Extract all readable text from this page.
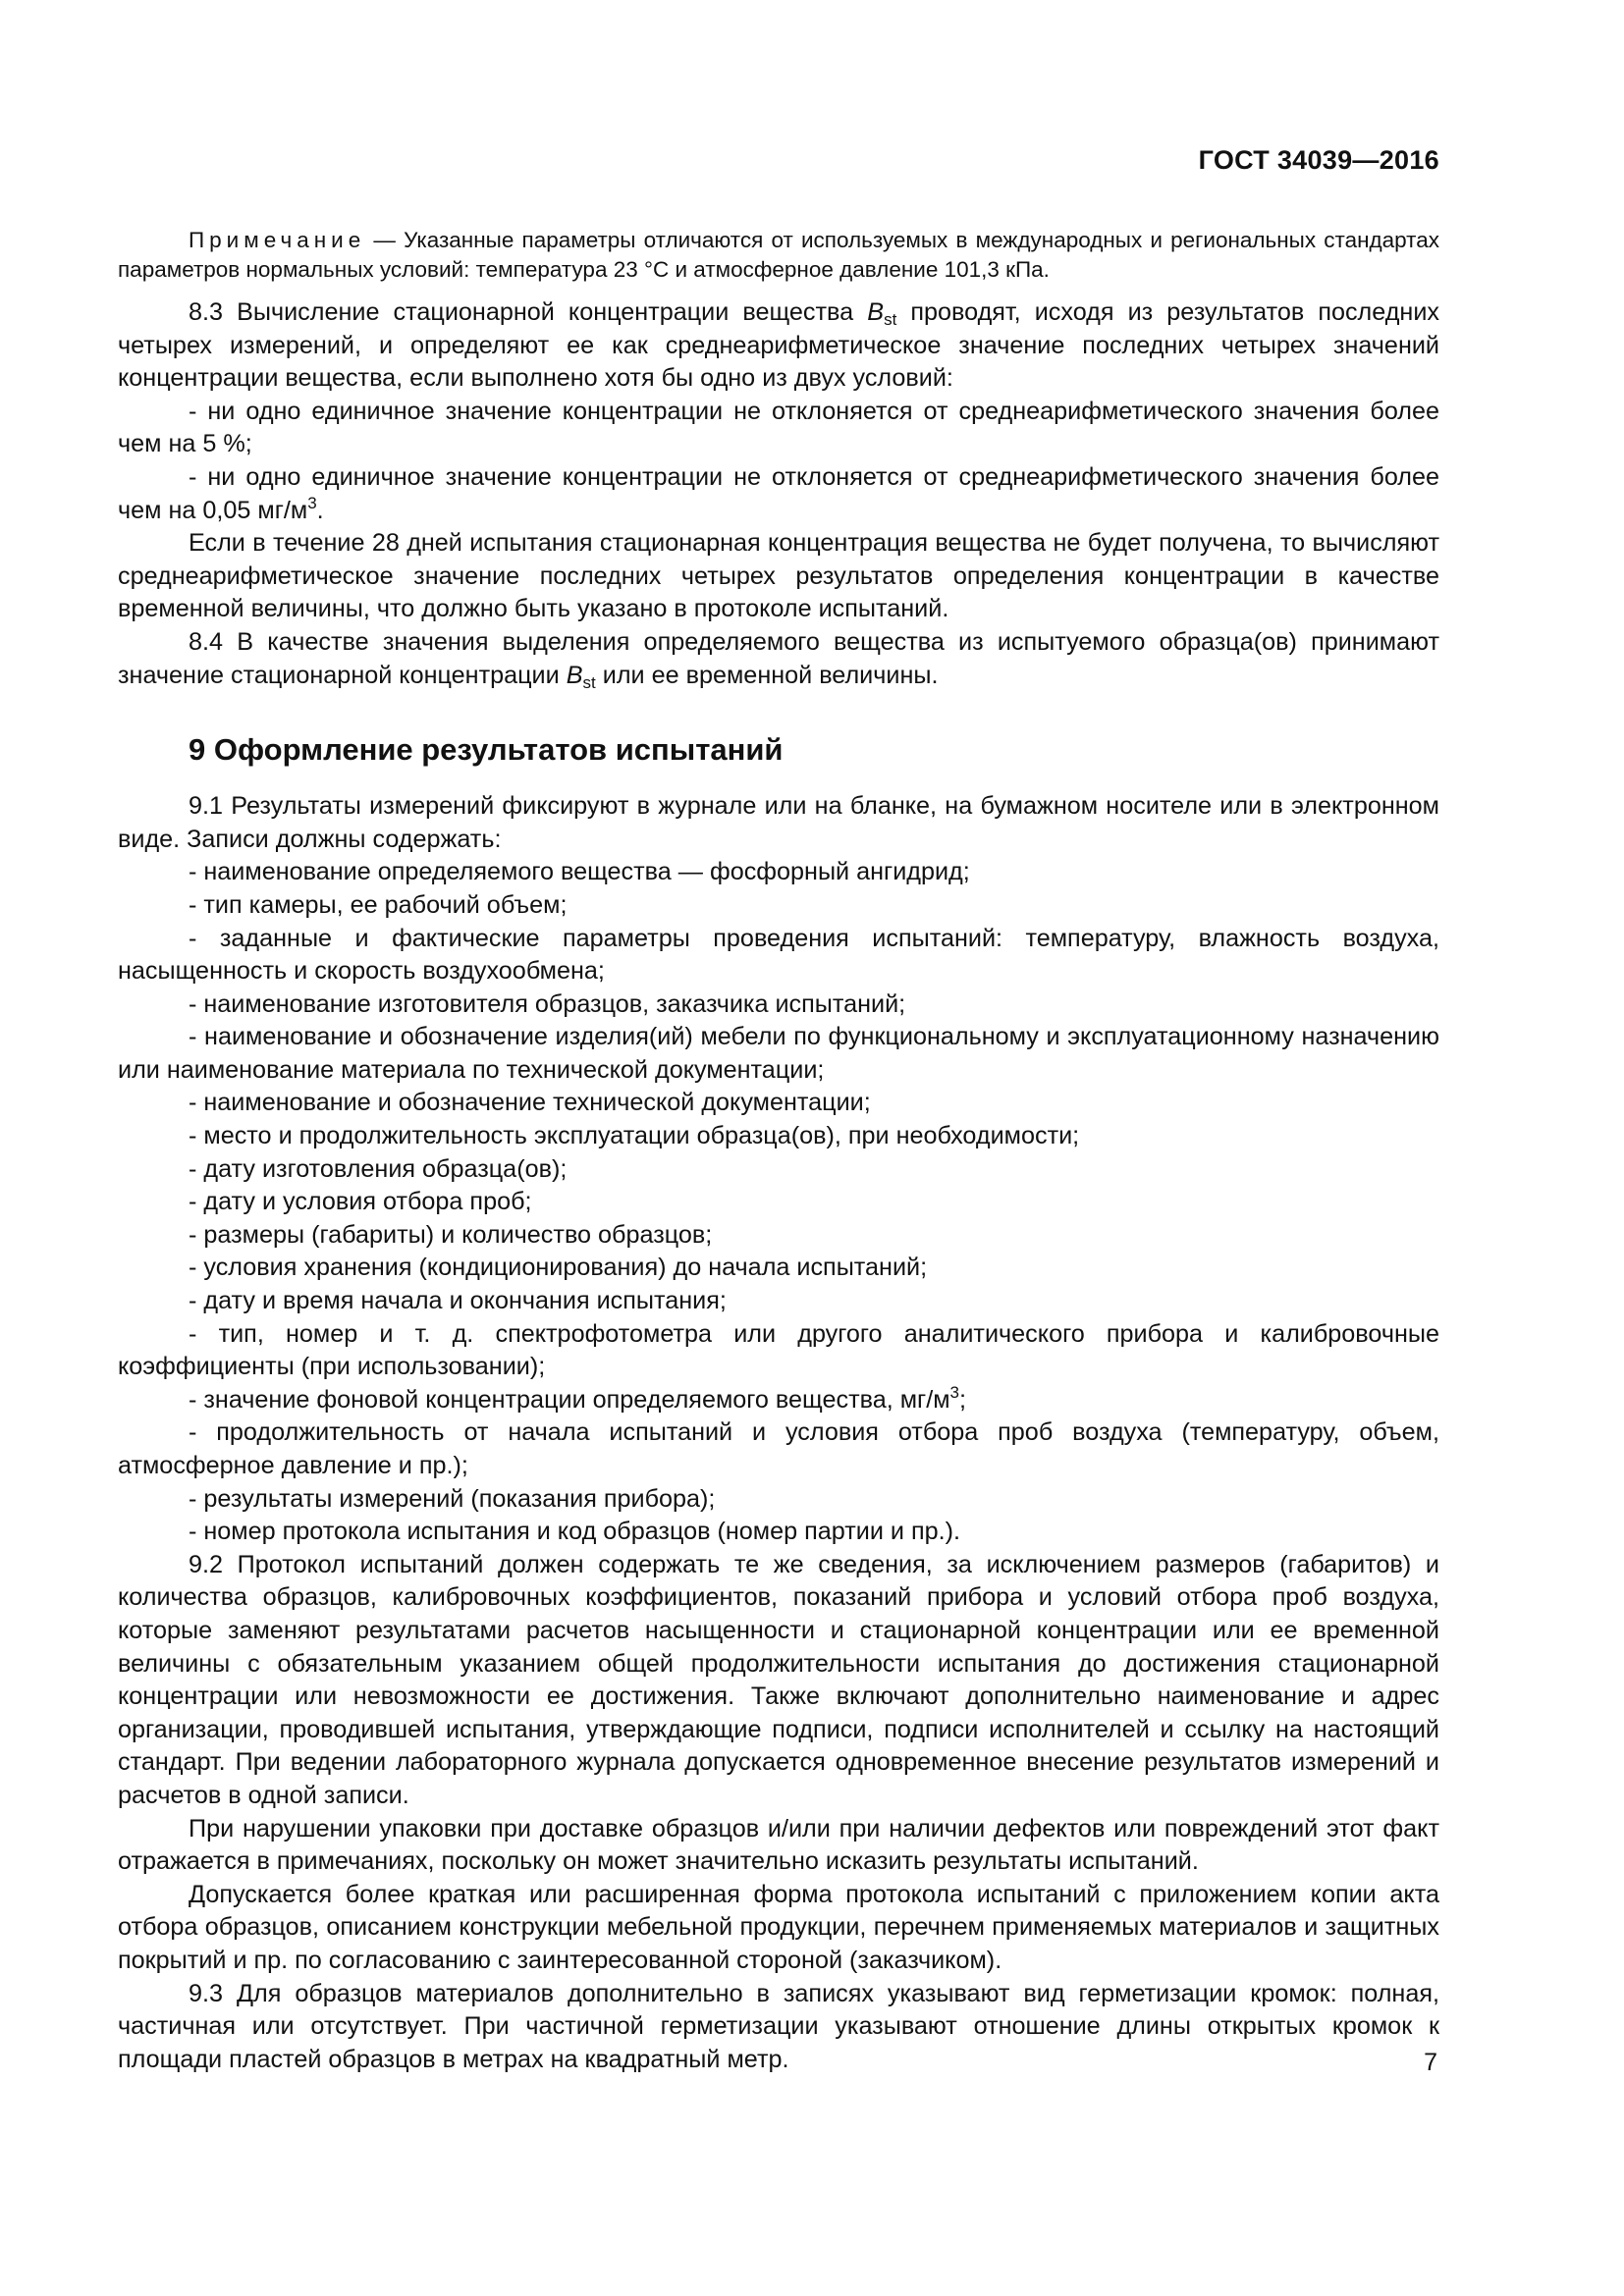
ГОСТ 34039—2016

Примечание — Указанные параметры отличаются от используемых в международных и региональных стандартах параметров нормальных условий: температура 23 °С и атмосферное давление 101,3 кПа.

8.3 Вычисление стационарной концентрации вещества $B_{st}$ проводят, исходя из результатов последних четырех измерений, и определяют ее как среднеарифметическое значение последних четырех значений концентрации вещества, если выполнено хотя бы одно из двух условий:

- ни одно единичное значение концентрации не отклоняется от среднеарифметического значения более чем на 5 %;

- ни одно единичное значение концентрации не отклоняется от среднеарифметического значения более чем на 0,05 $мг/м^3$.

Если в течение 28 дней испытания стационарная концентрация вещества не будет получена, то вычисляют среднеарифметическое значение последних четырех результатов определения концентрации в качестве временной величины, что должно быть указано в протоколе испытаний.

8.4 В качестве значения выделения определяемого вещества из испытуемого образца(ов) принимают значение стационарной концентрации $B_{st}$ или ее временной величины.

9 Оформление результатов испытаний

9.1 Результаты измерений фиксируют в журнале или на бланке, на бумажном носителе или в электронном виде. Записи должны содержать:

- наименование определяемого вещества — фосфорный ангидрид;

- тип камеры, ее рабочий объем;

- заданные и фактические параметры проведения испытаний: температуру, влажность воздуха, насыщенность и скорость воздухообмена;

- наименование изготовителя образцов, заказчика испытаний;

- наименование и обозначение изделия(ий) мебели по функциональному и эксплуатационному назначению или наименование материала по технической документации;

- наименование и обозначение технической документации;

- место и продолжительность эксплуатации образца(ов), при необходимости;

- дату изготовления образца(ов);

- дату и условия отбора проб;

- размеры (габариты) и количество образцов;

- условия хранения (кондиционирования) до начала испытаний;

- дату и время начала и окончания испытания;

- тип, номер и т. д. спектрофотометра или другого аналитического прибора и калибровочные коэффициенты (при использовании);

- значение фоновой концентрации определяемого вещества, $мг/м^3$;

- продолжительность от начала испытаний и условия отбора проб воздуха (температуру, объем, атмосферное давление и пр.);

- результаты измерений (показания прибора);

- номер протокола испытания и код образцов (номер партии и пр.).

9.2 Протокол испытаний должен содержать те же сведения, за исключением размеров (габаритов) и количества образцов, калибровочных коэффициентов, показаний прибора и условий отбора проб воздуха, которые заменяют результатами расчетов насыщенности и стационарной концентрации или ее временной величины с обязательным указанием общей продолжительности испытания до достижения стационарной концентрации или невозможности ее достижения. Также включают дополнительно наименование и адрес организации, проводившей испытания, утверждающие подписи, подписи исполнителей и ссылку на настоящий стандарт. При ведении лабораторного журнала допускается одновременное внесение результатов измерений и расчетов в одной записи.

При нарушении упаковки при доставке образцов и/или при наличии дефектов или повреждений этот факт отражается в примечаниях, поскольку он может значительно исказить результаты испытаний.

Допускается более краткая или расширенная форма протокола испытаний с приложением копии акта отбора образцов, описанием конструкции мебельной продукции, перечнем применяемых материалов и защитных покрытий и пр. по согласованию с заинтересованной стороной (заказчиком).

9.3 Для образцов материалов дополнительно в записях указывают вид герметизации кромок: полная, частичная или отсутствует. При частичной герметизации указывают отношение длины открытых кромок к площади пластей образцов в метрах на квадратный метр.	7
